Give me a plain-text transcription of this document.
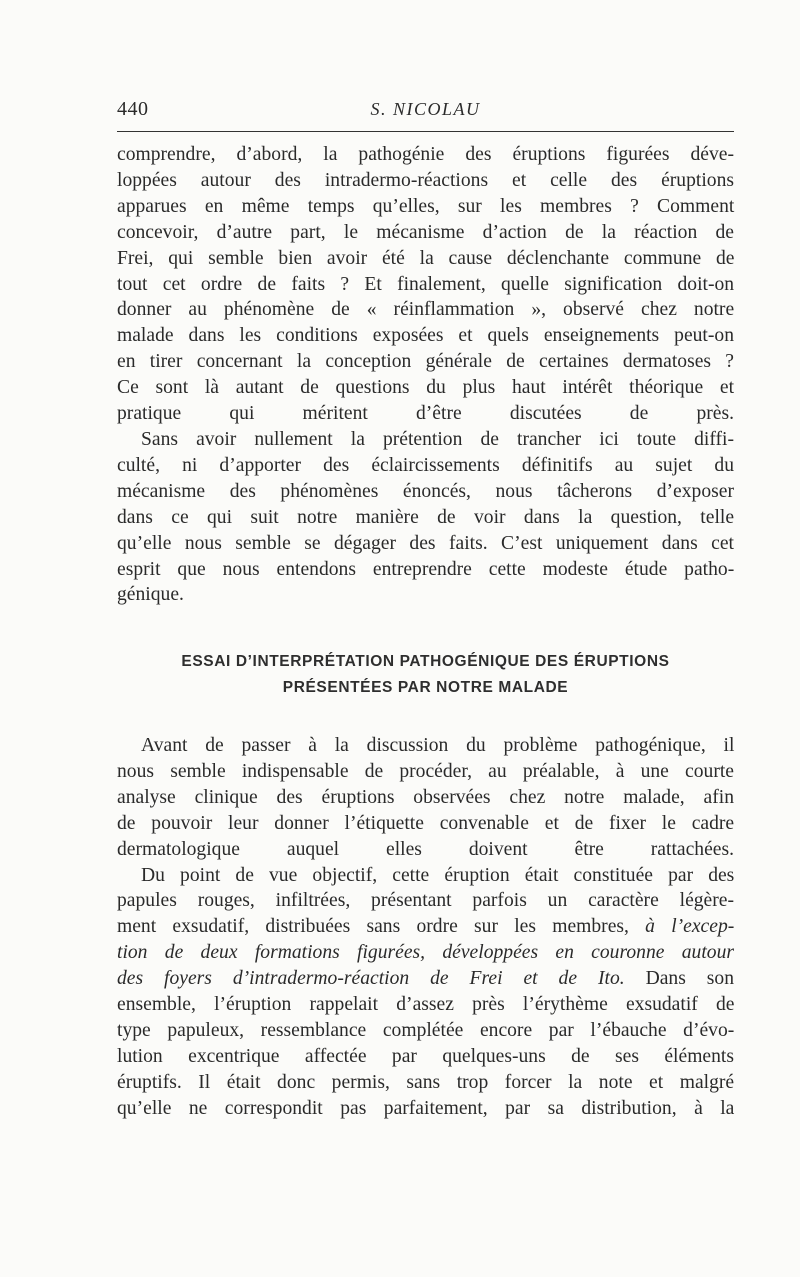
440	S. NICOLAU

comprendre, d’abord, la pathogénie des éruptions figurées déve-
loppées autour des intradermo-réactions et celle des éruptions
apparues en même temps qu’elles, sur les membres ? Comment
concevoir, d’autre part, le mécanisme d’action de la réaction de
Frei, qui semble bien avoir été la cause déclenchante commune de
tout cet ordre de faits ? Et finalement, quelle signification doit-on
donner au phénomène de « réinflammation », observé chez notre
malade dans les conditions exposées et quels enseignements peut-on
en tirer concernant la conception générale de certaines dermatoses ?
Ce sont là autant de questions du plus haut intérêt théorique et
pratique qui méritent d’être discutées de près.

Sans avoir nullement la prétention de trancher ici toute diffi-
culté, ni d’apporter des éclaircissements définitifs au sujet du
mécanisme des phénomènes énoncés, nous tâcherons d’exposer
dans ce qui suit notre manière de voir dans la question, telle
qu’elle nous semble se dégager des faits. C’est uniquement dans cet
esprit que nous entendons entreprendre cette modeste étude patho-
génique.

ESSAI D’INTERPRÉTATION PATHOGÉNIQUE DES ÉRUPTIONS
PRÉSENTÉES PAR NOTRE MALADE

Avant de passer à la discussion du problème pathogénique, il
nous semble indispensable de procéder, au préalable, à une courte
analyse clinique des éruptions observées chez notre malade, afin
de pouvoir leur donner l’étiquette convenable et de fixer le cadre
dermatologique auquel elles doivent être rattachées.

Du point de vue objectif, cette éruption était constituée par des
papules rouges, infiltrées, présentant parfois un caractère légère-
ment exsudatif, distribuées sans ordre sur les membres, à l’excep-
tion de deux formations figurées, développées en couronne autour
des foyers d’intradermo-réaction de Frei et de Ito. Dans son
ensemble, l’éruption rappelait d’assez près l’érythème exsudatif de
type papuleux, ressemblance complétée encore par l’ébauche d’évo-
lution excentrique affectée par quelques-uns de ses éléments
éruptifs. Il était donc permis, sans trop forcer la note et malgré
qu’elle ne correspondit pas parfaitement, par sa distribution, à la
